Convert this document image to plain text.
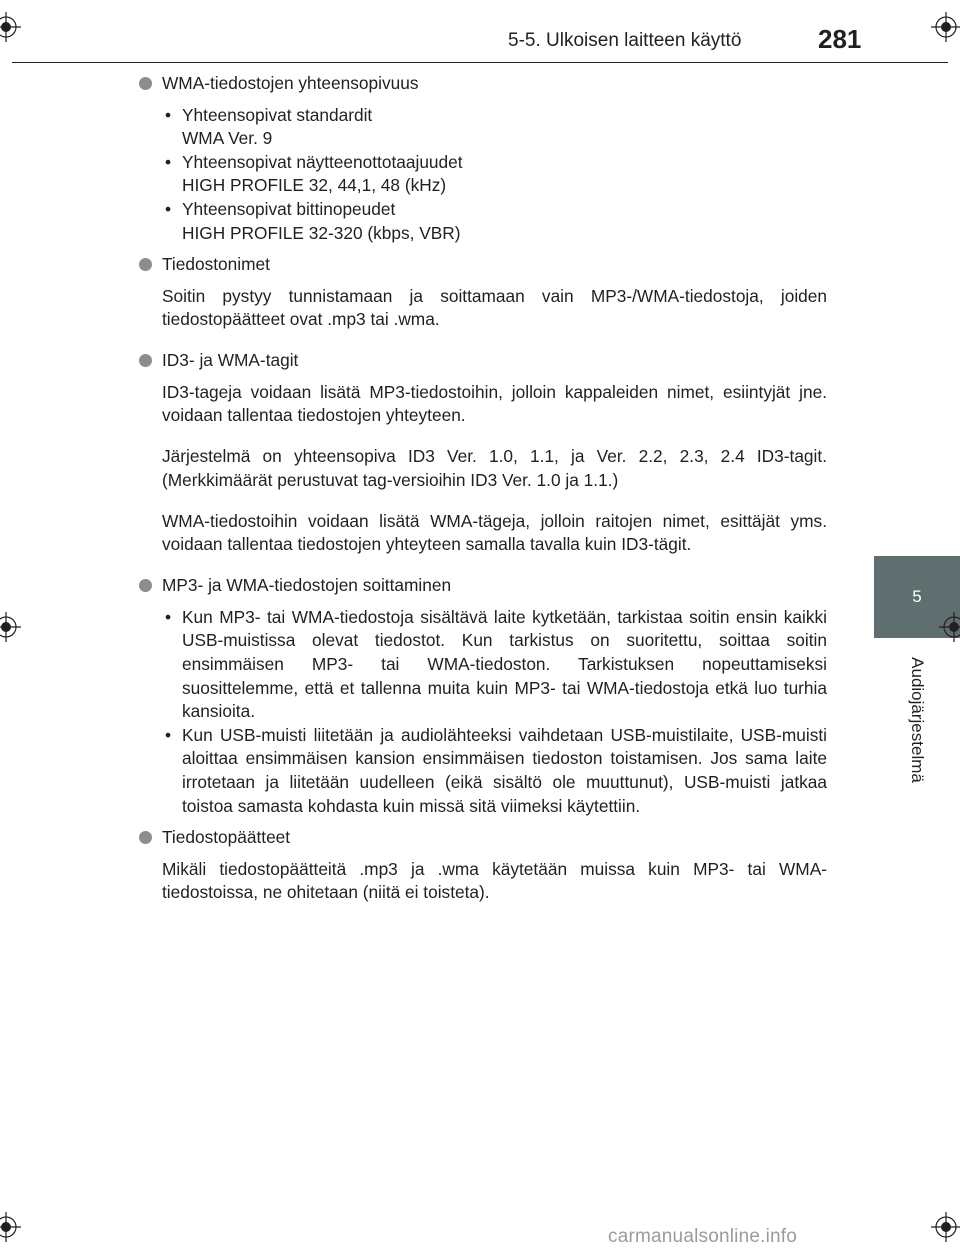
5-5. Ulkoisen laitteen käyttö	281
5
Audiojärjestelmä
WMA-tiedostojen yhteensopivuus
• Yhteensopivat standardit
WMA Ver. 9
• Yhteensopivat näytteenottotaajuudet
HIGH PROFILE 32, 44,1, 48 (kHz)
• Yhteensopivat bittinopeudet
HIGH PROFILE 32-320 (kbps, VBR)
Tiedostonimet

Soitin pystyy tunnistamaan ja soittamaan vain MP3-/WMA-tiedostoja, joiden tiedostopäätteet ovat .mp3 tai .wma.

ID3- ja WMA-tagit

ID3-tageja voidaan lisätä MP3-tiedostoihin, jolloin kappaleiden nimet, esiintyjät jne. voidaan tallentaa tiedostojen yhteyteen.

Järjestelmä on yhteensopiva ID3 Ver. 1.0, 1.1, ja Ver. 2.2, 2.3, 2.4 ID3-tagit. (Merkkimäärät perustuvat tag-versioihin ID3 Ver. 1.0 ja 1.1.)

WMA-tiedostoihin voidaan lisätä WMA-tägeja, jolloin raitojen nimet, esittäjät yms. voidaan tallentaa tiedostojen yhteyteen samalla tavalla kuin ID3-tägit.

MP3- ja WMA-tiedostojen soittaminen
• Kun MP3- tai WMA-tiedostoja sisältävä laite kytketään, tarkistaa soitin ensin kaikki USB-muistissa olevat tiedostot. Kun tarkistus on suoritettu, soittaa soitin ensimmäisen MP3- tai WMA-tiedoston. Tarkistuksen nopeuttamiseksi suosittelemme, että et tallenna muita kuin MP3- tai WMA-tiedostoja etkä luo turhia kansioita.
• Kun USB-muisti liitetään ja audiolähteeksi vaihdetaan USB-muistilaite, USB-muisti aloittaa ensimmäisen kansion ensimmäisen tiedoston toistamisen. Jos sama laite irrotetaan ja liitetään uudelleen (eikä sisältö ole muuttunut), USB-muisti jatkaa toistoa samasta kohdasta kuin missä sitä viimeksi käytettiin.
Tiedostopäätteet

Mikäli tiedostopäätteitä .mp3 ja .wma käytetään muissa kuin MP3- tai WMA-tiedostoissa, ne ohitetaan (niitä ei toisteta).

carmanualsonline.info
